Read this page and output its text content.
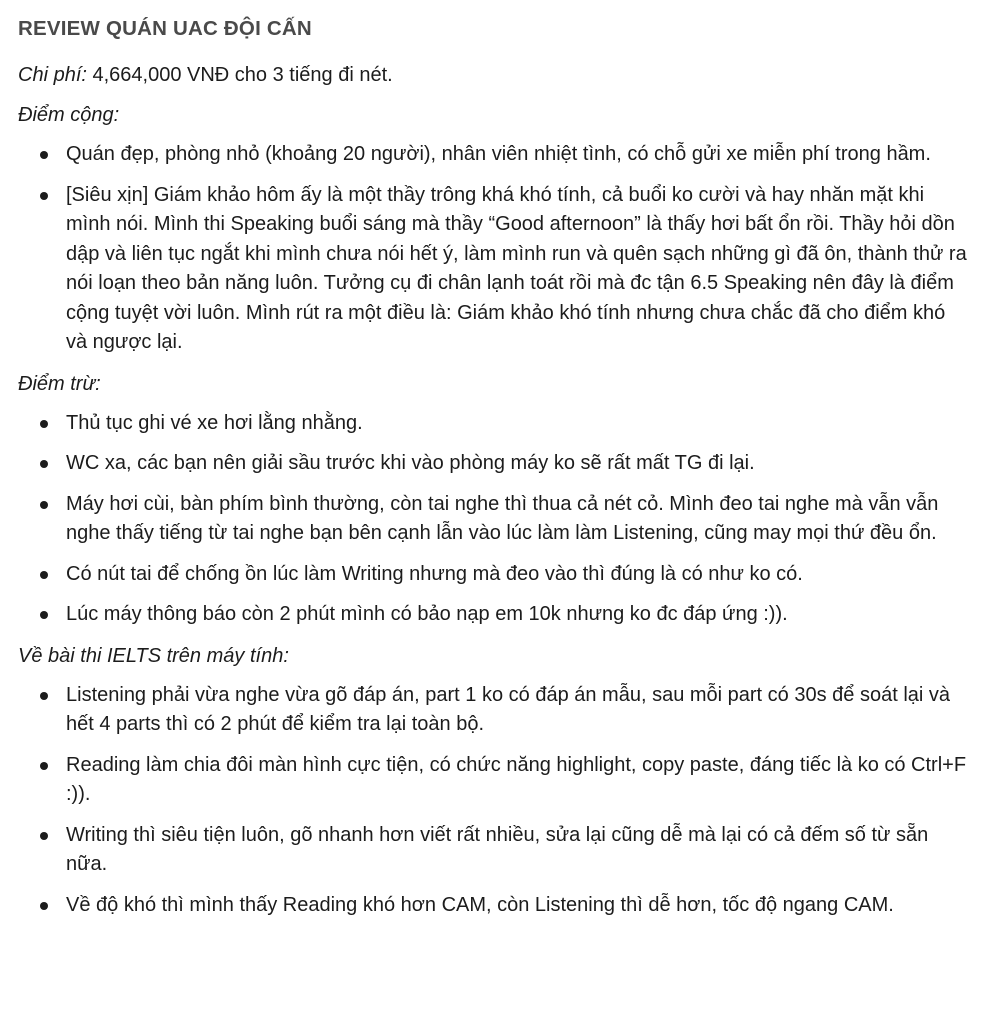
REVIEW QUÁN UAC ĐỘI CẤN
Chi phí: 4,664,000 VNĐ cho 3 tiếng đi nét.
Điểm cộng:
Quán đẹp, phòng nhỏ (khoảng 20 người), nhân viên nhiệt tình, có chỗ gửi xe miễn phí trong hầm.
[Siêu xịn] Giám khảo hôm ấy là một thầy trông khá khó tính, cả buổi ko cười và hay nhăn mặt khi mình nói. Mình thi Speaking buổi sáng mà thầy “Good afternoon” là thấy hơi bất ổn rồi. Thầy hỏi dồn dập và liên tục ngắt khi mình chưa nói hết ý, làm mình run và quên sạch những gì đã ôn, thành thử ra nói loạn theo bản năng luôn. Tưởng cụ đi chân lạnh toát rồi mà đc tận 6.5 Speaking nên đây là điểm cộng tuyệt vời luôn. Mình rút ra một điều là: Giám khảo khó tính nhưng chưa chắc đã cho điểm khó và ngược lại.
Điểm trừ:
Thủ tục ghi vé xe hơi lằng nhằng.
WC xa, các bạn nên giải sầu trước khi vào phòng máy ko sẽ rất mất TG đi lại.
Máy hơi cùi, bàn phím bình thường, còn tai nghe thì thua cả nét cỏ. Mình đeo tai nghe mà vẫn vẫn nghe thấy tiếng từ tai nghe bạn bên cạnh lẫn vào lúc làm làm Listening, cũng may mọi thứ đều ổn.
Có nút tai để chống ồn lúc làm Writing nhưng mà đeo vào thì đúng là có như ko có.
Lúc máy thông báo còn 2 phút mình có bảo nạp em 10k nhưng ko đc đáp ứng :)).
Về bài thi IELTS trên máy tính:
Listening phải vừa nghe vừa gõ đáp án, part 1 ko có đáp án mẫu, sau mỗi part có 30s để soát lại và hết 4 parts thì có 2 phút để kiểm tra lại toàn bộ.
Reading làm chia đôi màn hình cực tiện, có chức năng highlight, copy paste, đáng tiếc là ko có Ctrl+F :)).
Writing thì siêu tiện luôn, gõ nhanh hơn viết rất nhiều, sửa lại cũng dễ mà lại có cả đếm số từ sẵn nữa.
Về độ khó thì mình thấy Reading khó hơn CAM, còn Listening thì dễ hơn, tốc độ ngang CAM.
